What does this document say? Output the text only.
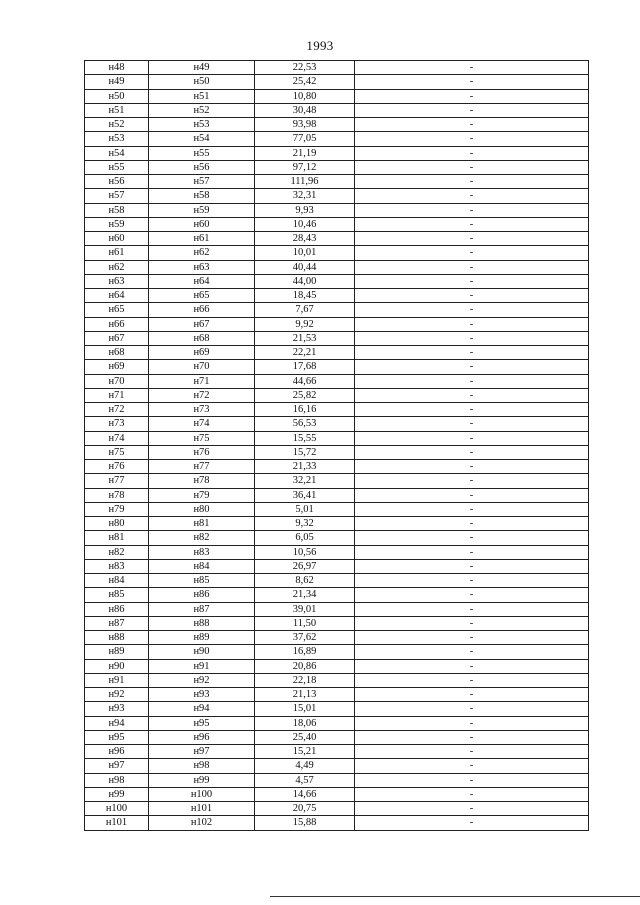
1993
н48	н49	22,53	-
н49	н50	25,42	-
н50	н51	10,80	-
н51	н52	30,48	-
н52	н53	93,98	-
н53	н54	77,05	-
н54	н55	21,19	-
н55	н56	97,12	-
н56	н57	111,96	-
н57	н58	32,31	-
н58	н59	9,93	-
н59	н60	10,46	-
н60	н61	28,43	-
н61	н62	10,01	-
н62	н63	40,44	-
н63	н64	44,00	-
н64	н65	18,45	-
н65	н66	7,67	-
н66	н67	9,92	-
н67	н68	21,53	-
н68	н69	22,21	-
н69	н70	17,68	-
н70	н71	44,66	-
н71	н72	25,82	-
н72	н73	16,16	-
н73	н74	56,53	-
н74	н75	15,55	-
н75	н76	15,72	-
н76	н77	21,33	-
н77	н78	32,21	-
н78	н79	36,41	-
н79	н80	5,01	-
н80	н81	9,32	-
н81	н82	6,05	-
н82	н83	10,56	-
н83	н84	26,97	-
н84	н85	8,62	-
н85	н86	21,34	-
н86	н87	39,01	-
н87	н88	11,50	-
н88	н89	37,62	-
н89	н90	16,89	-
н90	н91	20,86	-
н91	н92	22,18	-
н92	н93	21,13	-
н93	н94	15,01	-
н94	н95	18,06	-
н95	н96	25,40	-
н96	н97	15,21	-
н97	н98	4,49	-
н98	н99	4,57	-
н99	н100	14,66	-
н100	н101	20,75	-
н101	н102	15,88	-
